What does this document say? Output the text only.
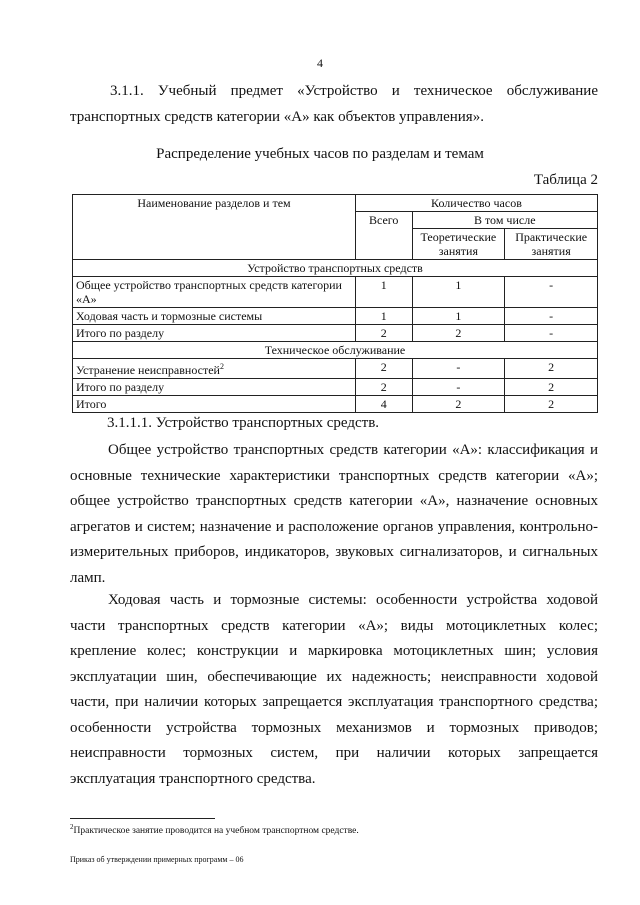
4
3.1.1. Учебный предмет «Устройство и техническое обслуживание
транспортных средств категории «А» как объектов управления».
Распределение учебных часов по разделам и темам
Таблица 2
Наименование разделов и тем	Количество часов		
	Всего	В том числе	
		Теоретические занятия	Практические занятия
Устройство транспортных средств			
Общее устройство транспортных средств категории «А»	1	1	-
Ходовая часть и тормозные системы	1	1	-
Итого по разделу	2	2	-
Техническое обслуживание			
Устранение неисправностей$^2$	2	-	2
Итого по разделу	2	-	2
Итого	4	2	2
3.1.1.1. Устройство транспортных средств.

Общее устройство транспортных средств категории «А»: классификация и основные технические характеристики транспортных средств категории «А»; общее устройство транспортных средств категории «А», назначение основных агрегатов и систем; назначение и расположение органов управления, контрольно-измерительных приборов, индикаторов, звуковых сигнализаторов, и сигнальных ламп.

Ходовая часть и тормозные системы: особенности устройства ходовой части транспортных средств категории «А»; виды мотоциклетных колес; крепление колес; конструкции и маркировка мотоциклетных шин; условия эксплуатации шин, обеспечивающие их надежность; неисправности ходовой части, при наличии которых запрещается эксплуатация транспортного средства; особенности устройства тормозных механизмов и тормозных приводов; неисправности тормозных систем, при наличии которых запрещается эксплуатация транспортного средства.

$^2$Практическое занятие проводится на учебном транспортном средстве.
Приказ об утверждении примерных программ – 06
